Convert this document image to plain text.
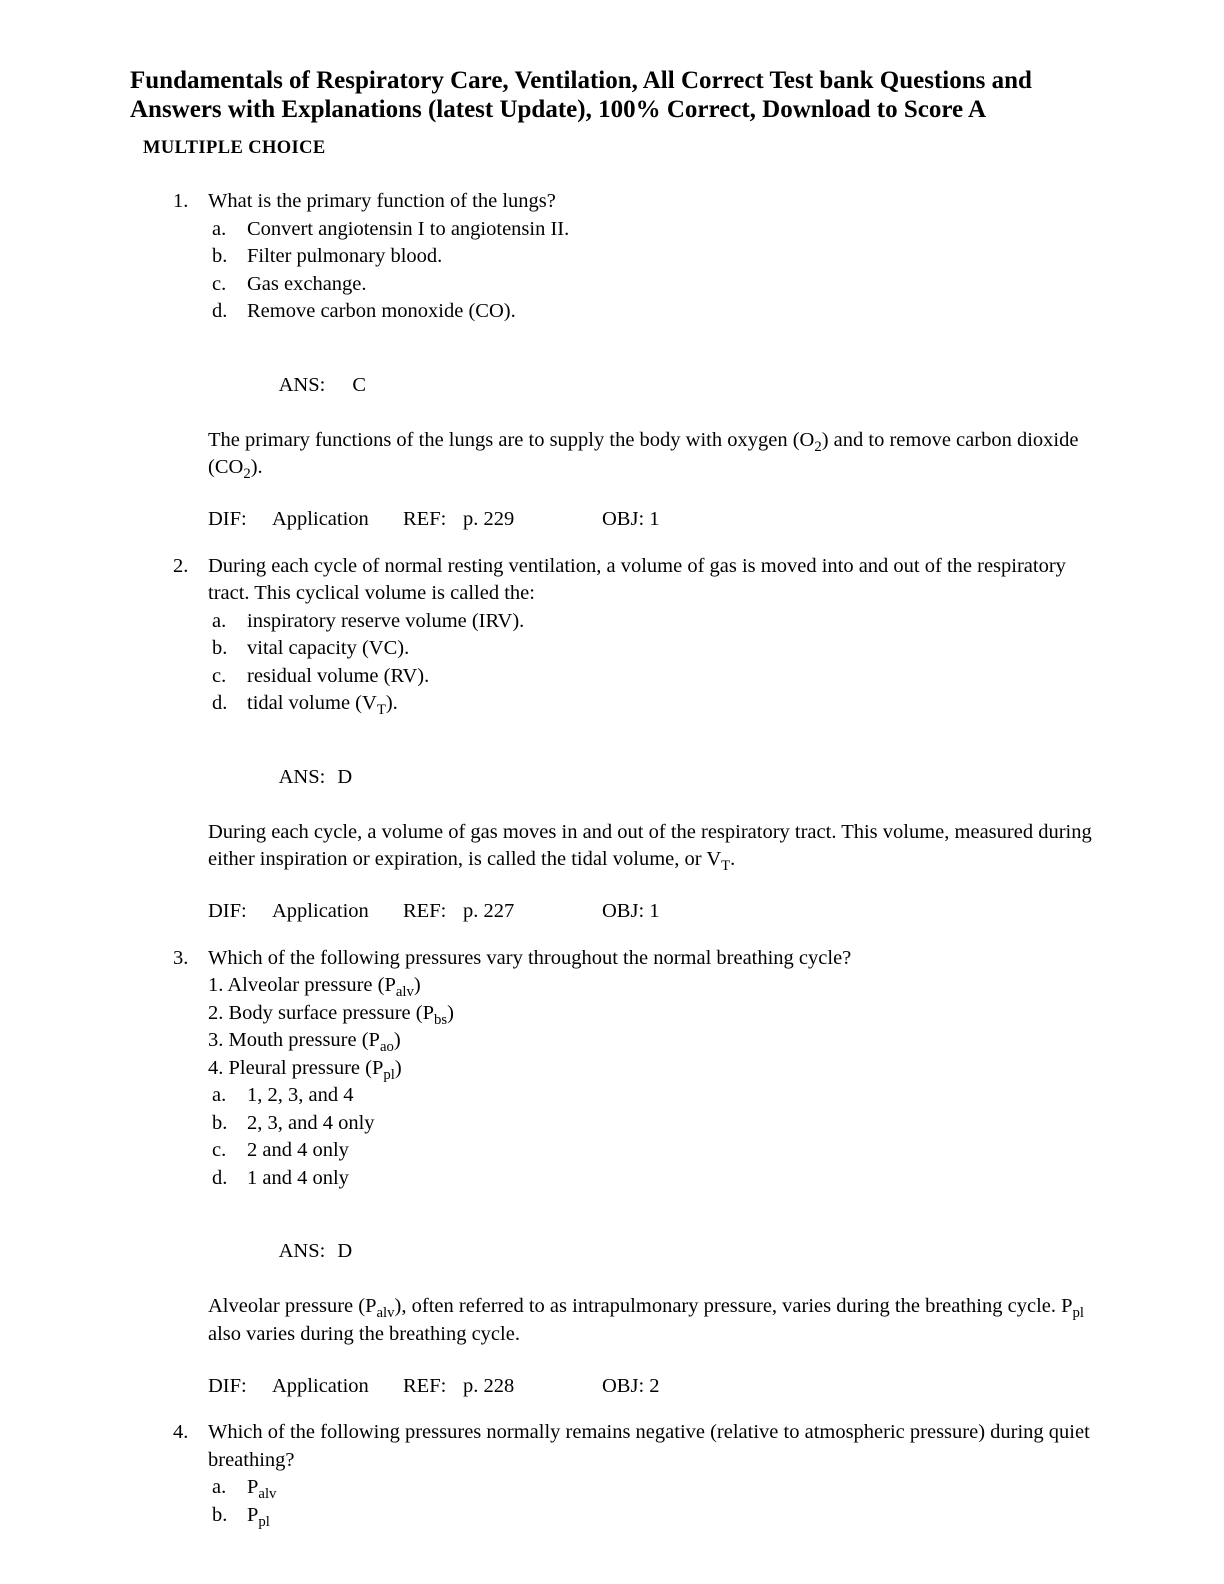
Fundamentals of Respiratory Care, Ventilation, All Correct Test bank Questions and Answers with Explanations (latest Update), 100% Correct, Download to Score A
MULTIPLE CHOICE
1. What is the primary function of the lungs?
a.	Convert angiotensin I to angiotensin II.
b. Filter pulmonary blood.
c.	Gas exchange.
d. Remove carbon monoxide (CO).

ANS: C

The primary functions of the lungs are to supply the body with oxygen $(O_2)$ and to remove carbon dioxide $(CO_2)$.
DIF: Application REF: p. 229	OBJ: 1
2. During each cycle of normal resting ventilation, a volume of gas is moved into and out of the respiratory tract. This cyclical volume is called the:
a.	inspiratory reserve volume (IRV).
b. vital capacity (VC).
c.	residual volume (RV).
d. tidal volume $(V_T)$.

ANS: D

During each cycle, a volume of gas moves in and out of the respiratory tract. This volume, measured during either inspiration or expiration, is called the tidal volume, or $V_T$.
DIF: Application REF: p. 227	OBJ: 1
3. Which of the following pressures vary throughout the normal breathing cycle?
1. Alveolar pressure $(P_{alv})$
2. Body surface pressure $(P_{bs})$
3. Mouth pressure $(P_{ao})$
4. Pleural pressure $(P_{pl})$
a.	1, 2, 3, and 4
b. 2, 3, and 4 only
c.	2 and 4 only
d. 1 and 4 only

ANS: D

Alveolar pressure $(P_{alv})$, often referred to as intrapulmonary pressure, varies during the breathing cycle. $P_{pl}$ also varies during the breathing cycle.
DIF: Application REF: p. 228	OBJ: 2
4. Which of the following pressures normally remains negative (relative to atmospheric pressure) during quiet breathing?
a.	$P_{alv}$
b. $P_{pl}$
